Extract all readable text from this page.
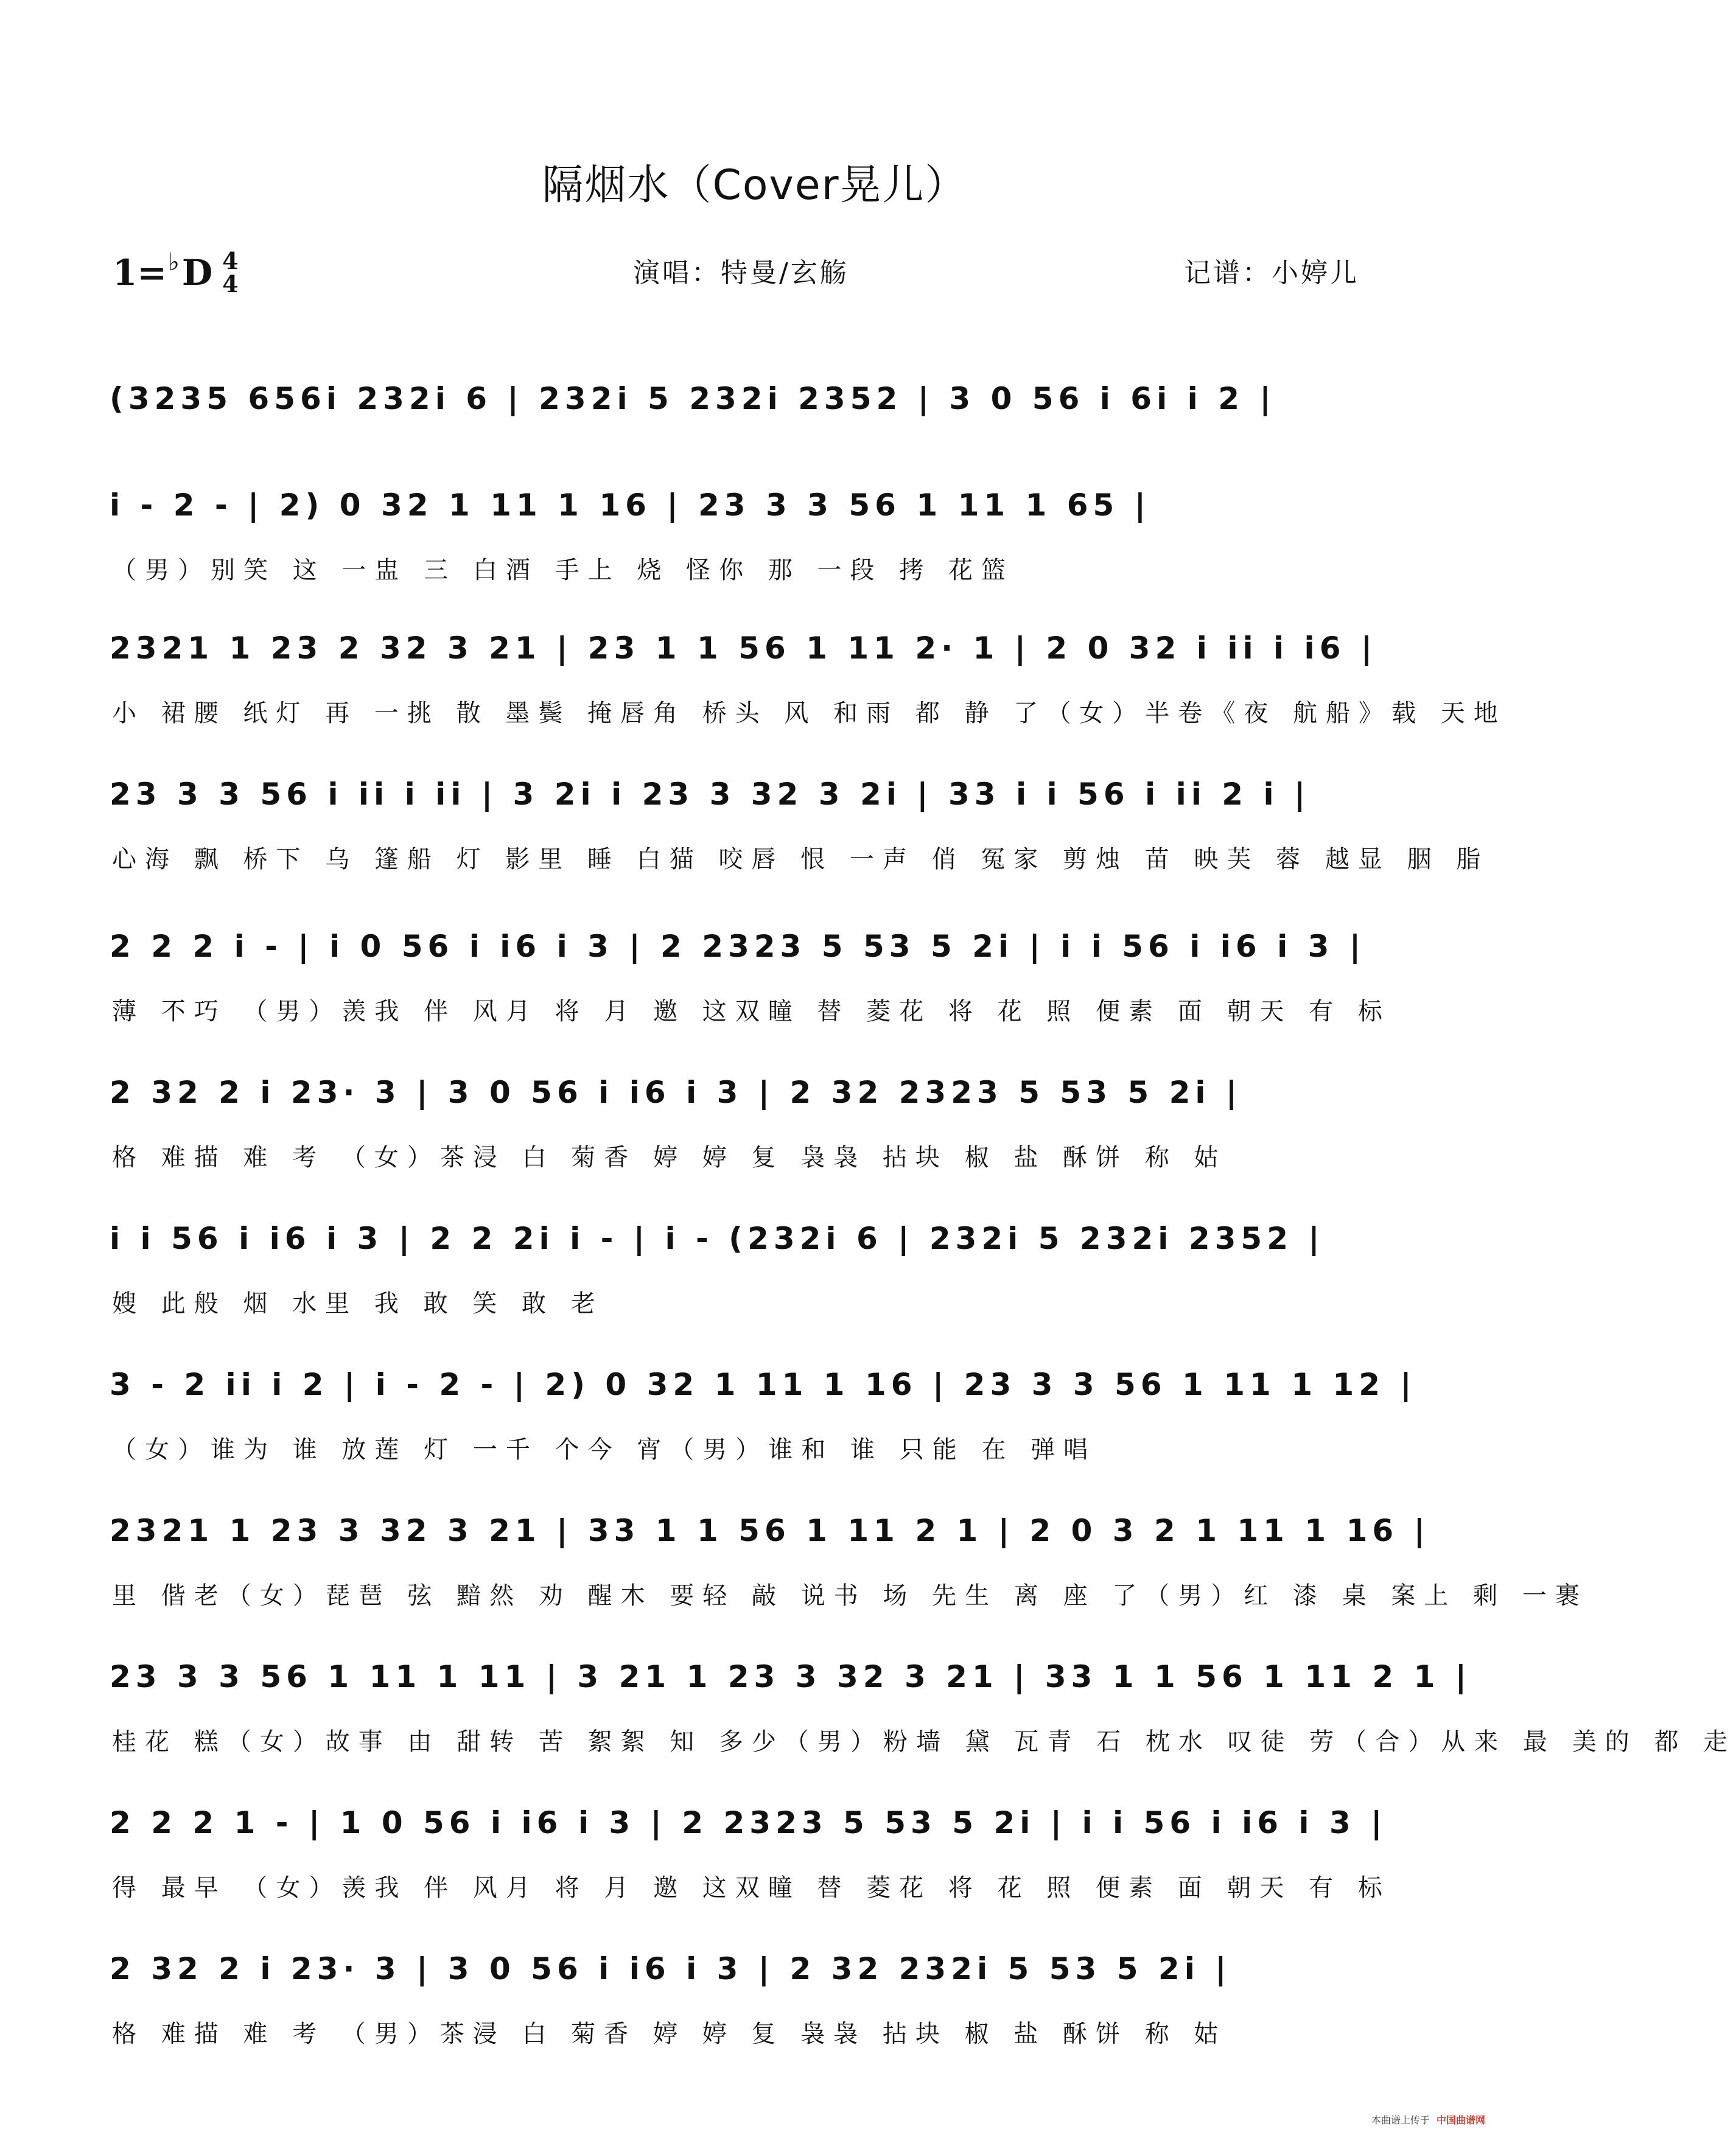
隔烟水（Cover晃儿）
1= ♭ D 4
4	演唱：特曼/玄觞	记谱：小婷儿
(3235 656i 232i 6 | 232i 5 232i 2352 | 3 0 56 i 6i i 2 |
i - 2 - | 2) 0 32 1 11 1 16 | 23 3 3 56 1 11 1 65 |
（男）别笑 这 一盅 三 白酒 手上 烧 怪你 那 一段 拷 花篮
2321 1 23 2 32 3 21 | 23 1 1 56 1 11 2· 1 | 2 0 32 i ii i i6 |
小 裙腰 纸灯 再 一挑 散 墨鬓 掩唇角 桥头 风 和雨 都 静 了（女）半卷《夜 航船》载 天地
23 3 3 56 i ii i ii | 3 2i i 23 3 32 3 2i | 33 i i 56 i ii 2 i |
心海 飘 桥下 乌 篷船 灯 影里 睡 白猫 咬唇 恨 一声 俏 冤家 剪烛 苗 映芙 蓉 越显 胭 脂
2 2 2 i - | i 0 56 i i6 i 3 | 2 2323 5 53 5 2i | i i 56 i i6 i 3 |
薄 不巧 （男）羡我 伴 风月 将 月 邀 这双瞳 替 菱花 将 花 照 便素 面 朝天 有 标
2 32 2 i 23· 3 | 3 0 56 i i6 i 3 | 2 32 2323 5 53 5 2i |
格 难描 难 考 （女）茶浸 白 菊香 婷 婷 复 袅袅 拈块 椒 盐 酥饼 称 姑
i i 56 i i6 i 3 | 2 2 2i i - | i - (232i 6 | 232i 5 232i 2352 |
嫂 此般 烟 水里 我 敢 笑 敢 老
3 - 2 ii i 2 | i - 2 - | 2) 0 32 1 11 1 16 | 23 3 3 56 1 11 1 12 |
（女）谁为 谁 放莲 灯 一千 个今 宵（男）谁和 谁 只能 在 弹唱
2321 1 23 3 32 3 21 | 33 1 1 56 1 11 2 1 | 2 0 3 2 1 11 1 16 |
里 偕老（女）琵琶 弦 黯然 劝 醒木 要轻 敲 说书 场 先生 离 座 了（男）红 漆 桌 案上 剩 一裹
23 3 3 56 1 11 1 11 | 3 21 1 23 3 32 3 21 | 33 1 1 56 1 11 2 1 |
桂花 糕（女）故事 由 甜转 苦 絮絮 知 多少（男）粉墙 黛 瓦青 石 枕水 叹徒 劳（合）从来 最 美的 都 走
2 2 2 1 - | 1 0 56 i i6 i 3 | 2 2323 5 53 5 2i | i i 56 i i6 i 3 |
得 最早 （女）羡我 伴 风月 将 月 邀 这双瞳 替 菱花 将 花 照 便素 面 朝天 有 标
2 32 2 i 23· 3 | 3 0 56 i i6 i 3 | 2 32 232i 5 53 5 2i |
格 难描 难 考 （男）茶浸 白 菊香 婷 婷 复 袅袅 拈块 椒 盐 酥饼 称 姑
本曲谱上传于 中国曲谱网
